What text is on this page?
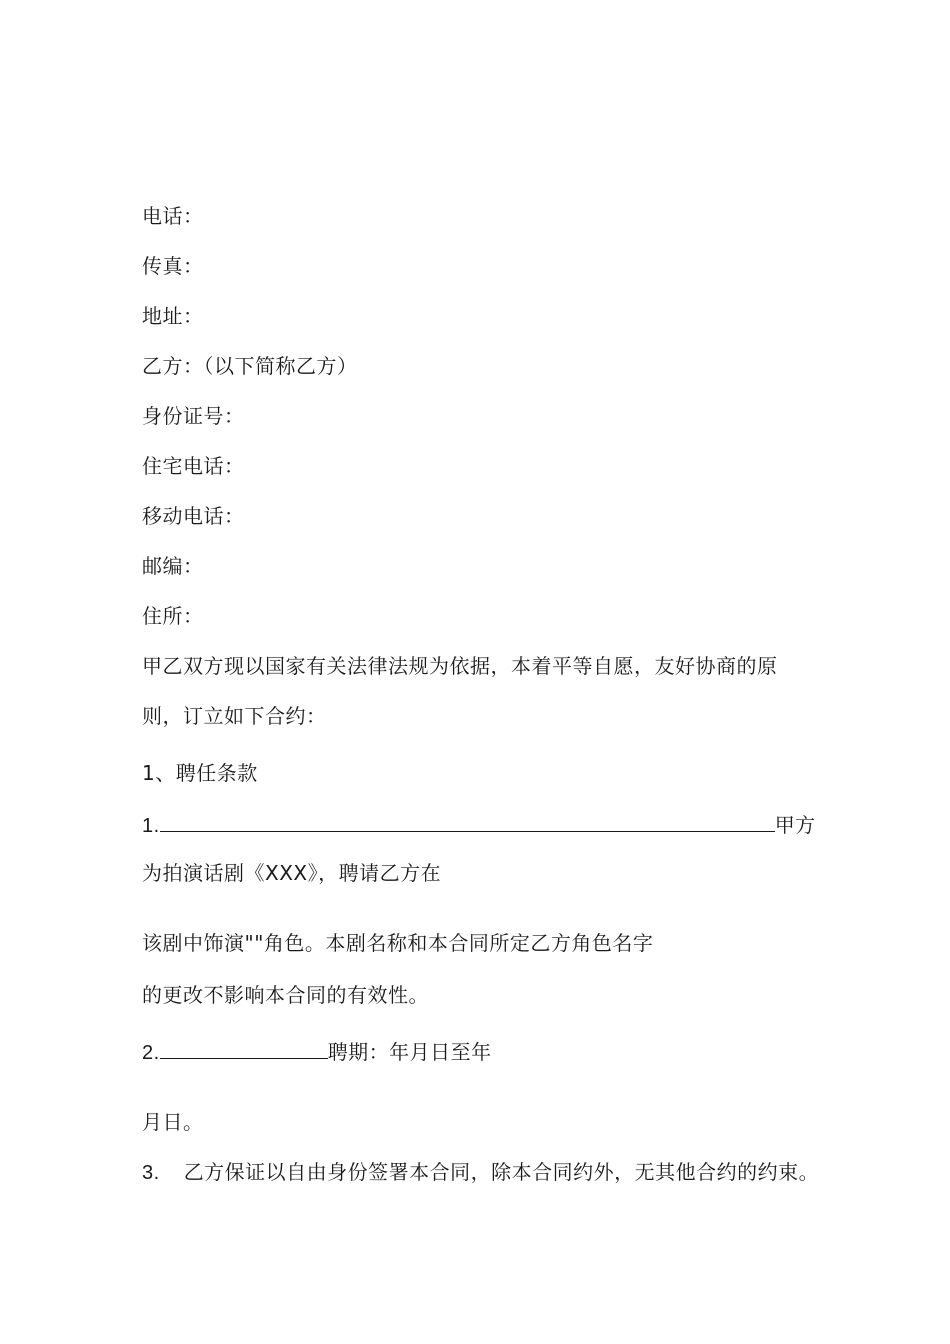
电话：
传真：
地址：
乙方：（以下简称乙方）
身份证号：
住宅电话：
移动电话：
邮编：
住所：
甲乙双方现以国家有关法律法规为依据，本着平等自愿，友好协商的原
则，订立如下合约：
1、聘任条款
1.	甲方
为拍演话剧《XXX》，聘请乙方在
该剧中饰演""角色。本剧名称和本合同所定乙方角色名字
的更改不影响本合同的有效性。
2.	聘期：年月日至年
月日。
3. 乙方保证以自由身份签署本合同，除本合同约外，无其他合约的约束。
